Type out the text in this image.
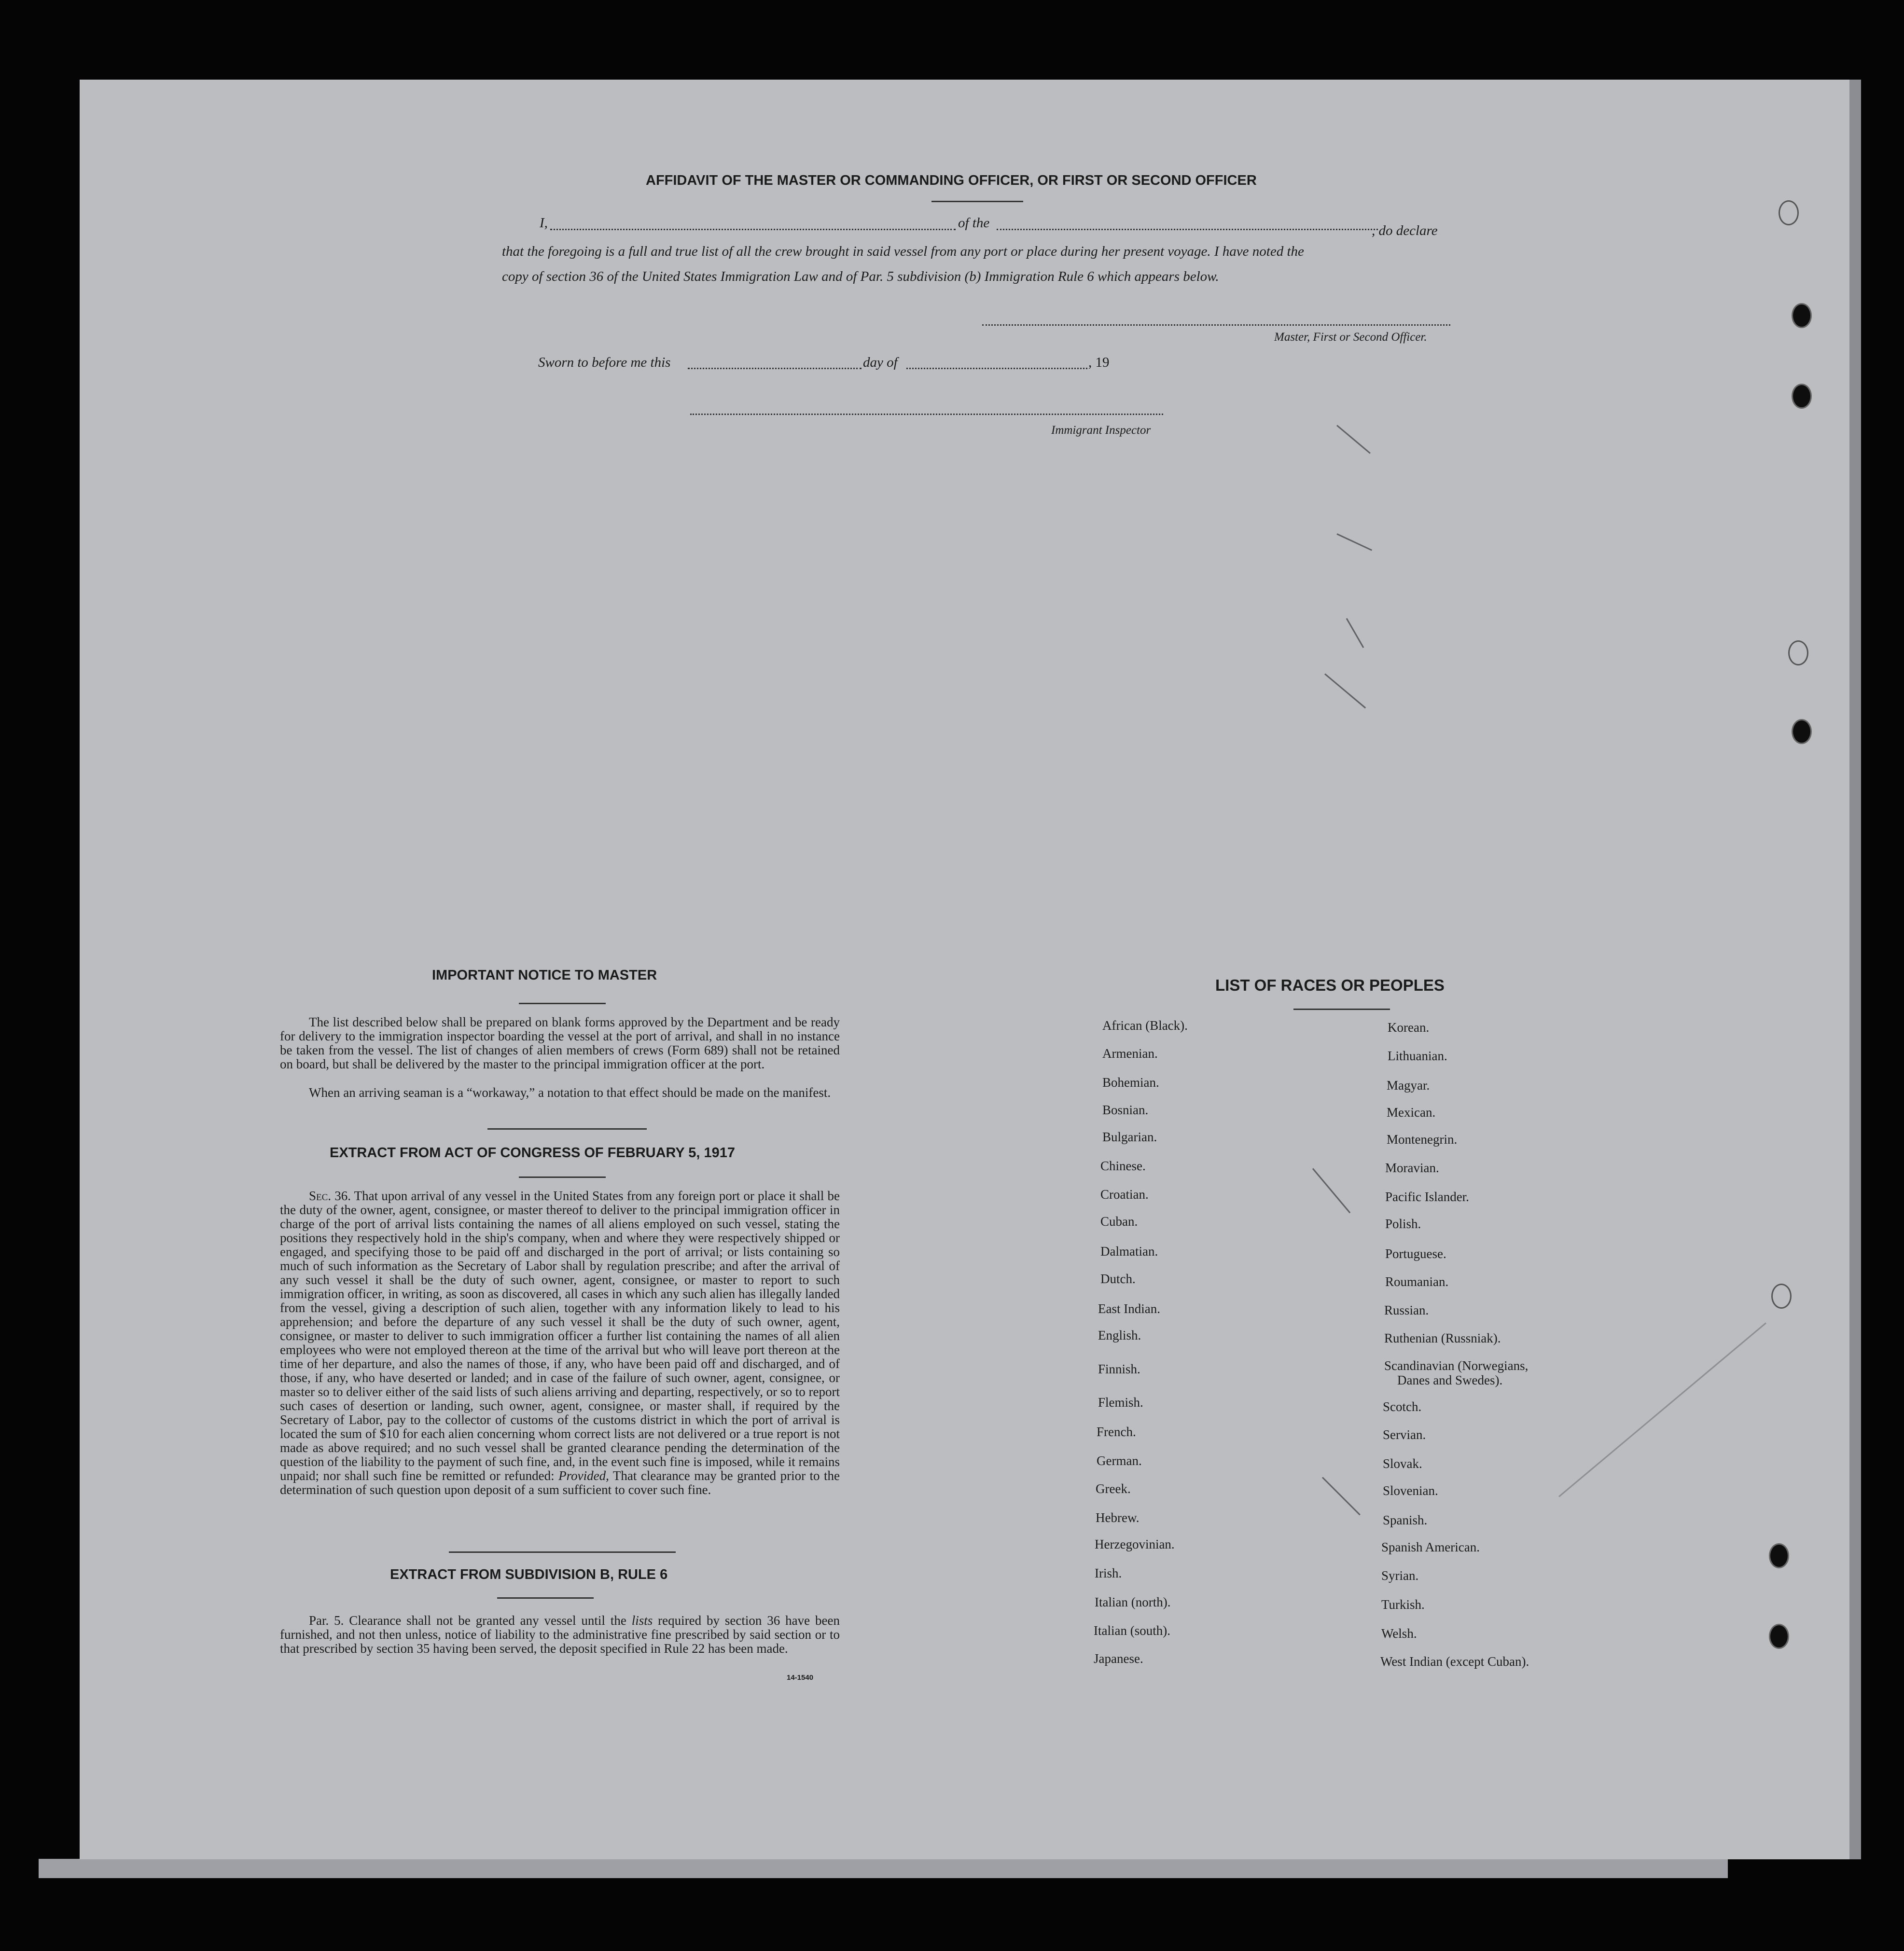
AFFIDAVIT OF THE MASTER OR COMMANDING OFFICER, OR FIRST OR SECOND OFFICER
I,	of the	, do declare
that the foregoing is a full and true list of all the crew brought in said vessel from any port or place during her present voyage. I have noted the
copy of section 36 of the United States Immigration Law and of Par. 5 subdivision (b) Immigration Rule 6 which appears below.
Master, First or Second Officer.
Sworn to before me this	day of	, 19
Immigrant Inspector
IMPORTANT NOTICE TO MASTER
The list described below shall be prepared on blank forms approved by the Department and be ready for delivery to the immigration inspector boarding the vessel at the port of arrival, and shall in no instance be taken from the vessel. The list of changes of alien members of crews (Form 689) shall not be retained on board, but shall be delivered by the master to the principal immigration officer at the port.
When an arriving seaman is a “workaway,” a notation to that effect should be made on the manifest.
EXTRACT FROM ACT OF CONGRESS OF FEBRUARY 5, 1917
Sec. 36. That upon arrival of any vessel in the United States from any foreign port or place it shall be the duty of the owner, agent, consignee, or master thereof to deliver to the principal immigration officer in charge of the port of arrival lists containing the names of all aliens employed on such vessel, stating the positions they respectively hold in the ship's company, when and where they were respectively shipped or engaged, and specifying those to be paid off and discharged in the port of arrival; or lists containing so much of such information as the Secretary of Labor shall by regulation prescribe; and after the arrival of any such vessel it shall be the duty of such owner, agent, consignee, or master to report to such immigration officer, in writing, as soon as discovered, all cases in which any such alien has illegally landed from the vessel, giving a description of such alien, together with any information likely to lead to his apprehension; and before the departure of any such vessel it shall be the duty of such owner, agent, consignee, or master to deliver to such immigration officer a further list containing the names of all alien employees who were not employed thereon at the time of the arrival but who will leave port thereon at the time of her departure, and also the names of those, if any, who have been paid off and discharged, and of those, if any, who have deserted or landed; and in case of the failure of such owner, agent, consignee, or master so to deliver either of the said lists of such aliens arriving and departing, respectively, or so to report such cases of desertion or landing, such owner, agent, consignee, or master shall, if required by the Secretary of Labor, pay to the collector of customs of the customs district in which the port of arrival is located the sum of $10 for each alien concerning whom correct lists are not delivered or a true report is not made as above required; and no such vessel shall be granted clearance pending the determination of the question of the liability to the payment of such fine, and, in the event such fine is imposed, while it remains unpaid; nor shall such fine be remitted or refunded: Provided, That clearance may be granted prior to the determination of such question upon deposit of a sum sufficient to cover such fine.
EXTRACT FROM SUBDIVISION B, RULE 6
Par. 5. Clearance shall not be granted any vessel until the lists required by section 36 have been furnished, and not then unless, notice of liability to the administrative fine prescribed by said section or to that prescribed by section 35 having been served, the deposit specified in Rule 22 has been made.
14-1540
LIST OF RACES OR PEOPLES
African (Black).
Armenian.
Bohemian.
Bosnian.
Bulgarian.
Chinese.
Croatian.
Cuban.
Dalmatian.
Dutch.
East Indian.
English.
Finnish.
Flemish.
French.
German.
Greek.
Hebrew.
Herzegovinian.
Irish.
Italian (north).
Italian (south).
Japanese.
Korean.
Lithuanian.
Magyar.
Mexican.
Montenegrin.
Moravian.
Pacific Islander.
Polish.
Portuguese.
Roumanian.
Russian.
Ruthenian (Russniak).
Scandinavian (Norwegians,
Danes and Swedes).
Scotch.
Servian.
Slovak.
Slovenian.
Spanish.
Spanish American.
Syrian.
Turkish.
Welsh.
West Indian (except Cuban).
